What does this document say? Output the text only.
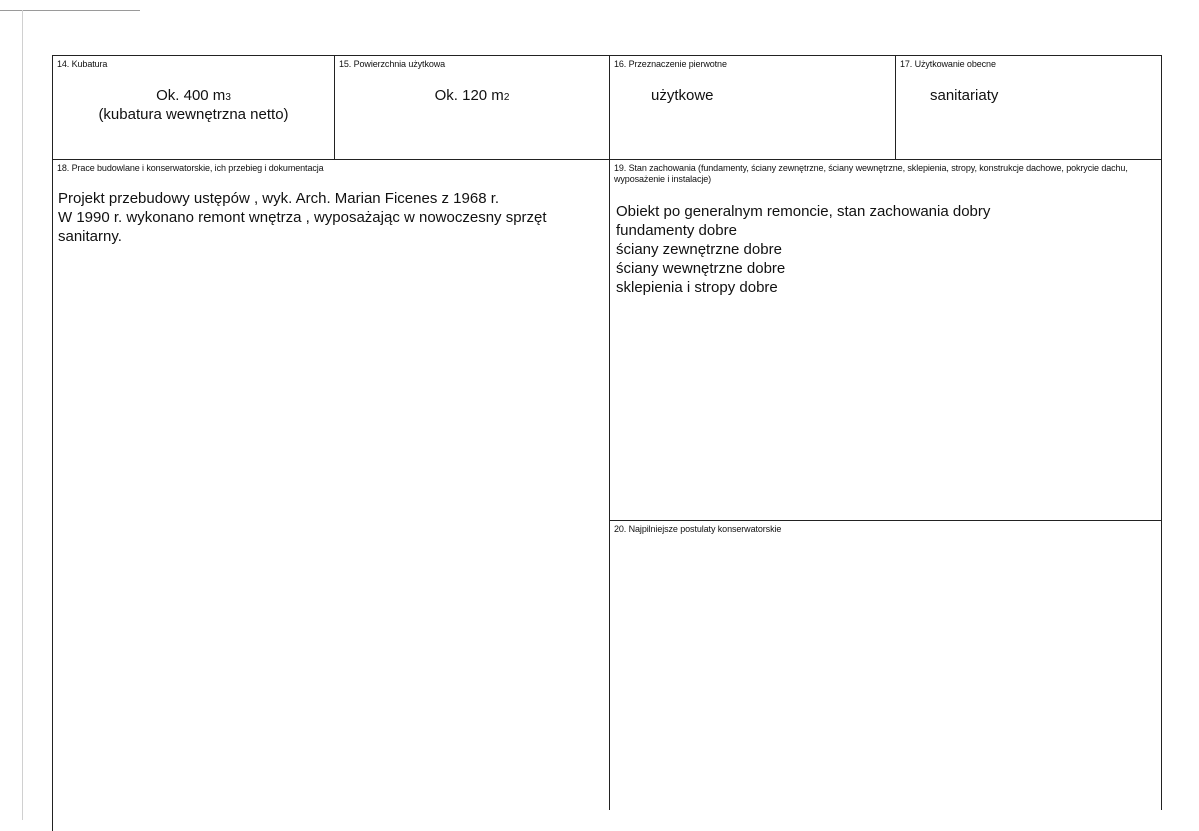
14. Kubatura
Ok. 400 m3
(kubatura wewnętrzna netto)
15. Powierzchnia użytkowa
Ok. 120 m2
16. Przeznaczenie pierwotne
użytkowe
17. Użytkowanie obecne
sanitariaty
18. Prace budowlane i konserwatorskie, ich przebieg i dokumentacja
Projekt przebudowy ustępów , wyk. Arch. Marian Ficenes z 1968 r.
W 1990 r. wykonano remont wnętrza , wyposażając w nowoczesny sprzęt
sanitarny.
19. Stan zachowania (fundamenty, ściany zewnętrzne, ściany wewnętrzne, sklepienia, stropy, konstrukcje dachowe, pokrycie dachu, wyposażenie i instalacje)
Obiekt po generalnym remoncie, stan zachowania dobry
fundamenty dobre
ściany zewnętrzne dobre
ściany wewnętrzne dobre
sklepienia i stropy dobre
20. Najpilniejsze postulaty konserwatorskie
